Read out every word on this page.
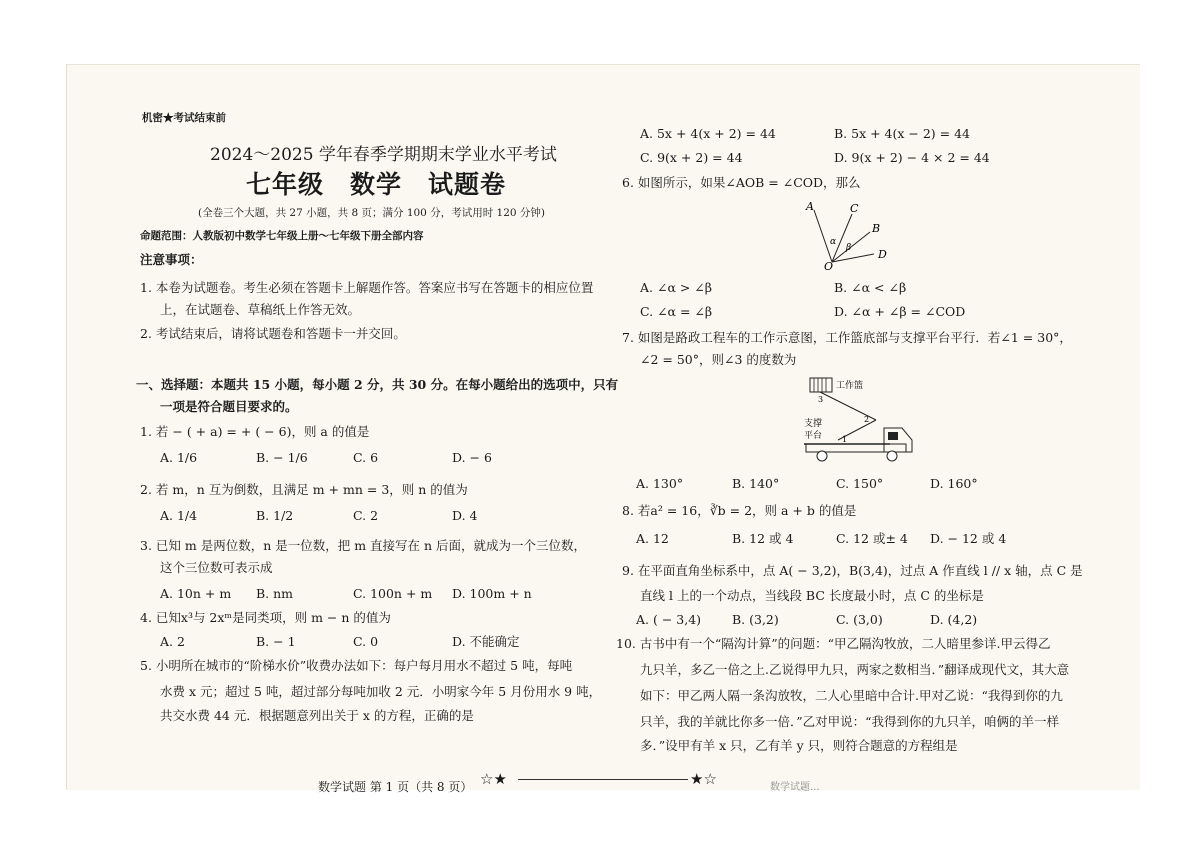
机密★考试结束前
2024～2025 学年春季学期期末学业水平考试
七年级　数学　试题卷
(全卷三个大题，共 27 小题，共 8 页；满分 100 分，考试用时 120 分钟)
命题范围：人教版初中数学七年级上册～七年级下册全部内容
注意事项：
1. 本卷为试题卷。考生必须在答题卡上解题作答。答案应书写在答题卡的相应位置
上，在试题卷、草稿纸上作答无效。
2. 考试结束后，请将试题卷和答题卡一并交回。
一、选择题：本题共 15 小题，每小题 2 分，共 30 分。在每小题给出的选项中，只有
一项是符合题目要求的。
1. 若 − ( + a) = + ( − 6)，则 a 的值是
A. 1/6	B. − 1/6	C. 6	D. − 6
2. 若 m，n 互为倒数，且满足 m + mn = 3，则 n 的值为
A. 1/4	B. 1/2	C. 2	D. 4
3. 已知 m 是两位数，n 是一位数，把 m 直接写在 n 后面，就成为一个三位数，
这个三位数可表示成
A. 10n + m B. nm	C. 100n + m D. 100m + n
4. 已知x³与 2xᵐ是同类项，则 m − n 的值为
A. 2	B. − 1	C. 0	D. 不能确定
5. 小明所在城市的“阶梯水价”收费办法如下：每户每月用水不超过 5 吨，每吨
水费 x 元；超过 5 吨，超过部分每吨加收 2 元．小明家今年 5 月份用水 9 吨，
共交水费 44 元．根据题意列出关于 x 的方程，正确的是
A. 5x + 4(x + 2) = 44	B. 5x + 4(x − 2) = 44
C. 9(x + 2) = 44	D. 9(x + 2) − 4 × 2 = 44
6. 如图所示，如果∠AOB = ∠COD，那么
A	C
B
D
O
α
β
A. ∠α > ∠β	B. ∠α < ∠β
C. ∠α = ∠β	D. ∠α + ∠β = ∠COD
7. 如图是路政工程车的工作示意图，工作篮底部与支撑平台平行．若∠1 = 30°，
∠2 = 50°，则∠3 的度数为
工作篮
支撑
平台
3
2
1
A. 130°	B. 140°	C. 150°	D. 160°
8. 若a² = 16，∛b = 2，则 a + b 的值是
A. 12	B. 12 或 4	C. 12 或± 4 D. − 12 或 4
9. 在平面直角坐标系中，点 A( − 3,2)，B(3,4)，过点 A 作直线 l // x 轴，点 C 是
直线 l 上的一个动点，当线段 BC 长度最小时，点 C 的坐标是
A. ( − 3,4) B. (3,2)	C. (3,0)	D. (4,2)
10. 古书中有一个“隔沟计算”的问题：“甲乙隔沟牧放，二人暗里参详.甲云得乙
九只羊，多乙一倍之上.乙说得甲九只，两家之数相当．”翻译成现代文，其大意
如下：甲乙两人隔一条沟放牧，二人心里暗中合计.甲对乙说：“我得到你的九
只羊，我的羊就比你多一倍．”乙对甲说：“我得到你的九只羊，咱俩的羊一样
多．”设甲有羊 x 只，乙有羊 y 只，则符合题意的方程组是
数学试题 第 1 页（共 8 页） ☆★	★☆	数学试题...
